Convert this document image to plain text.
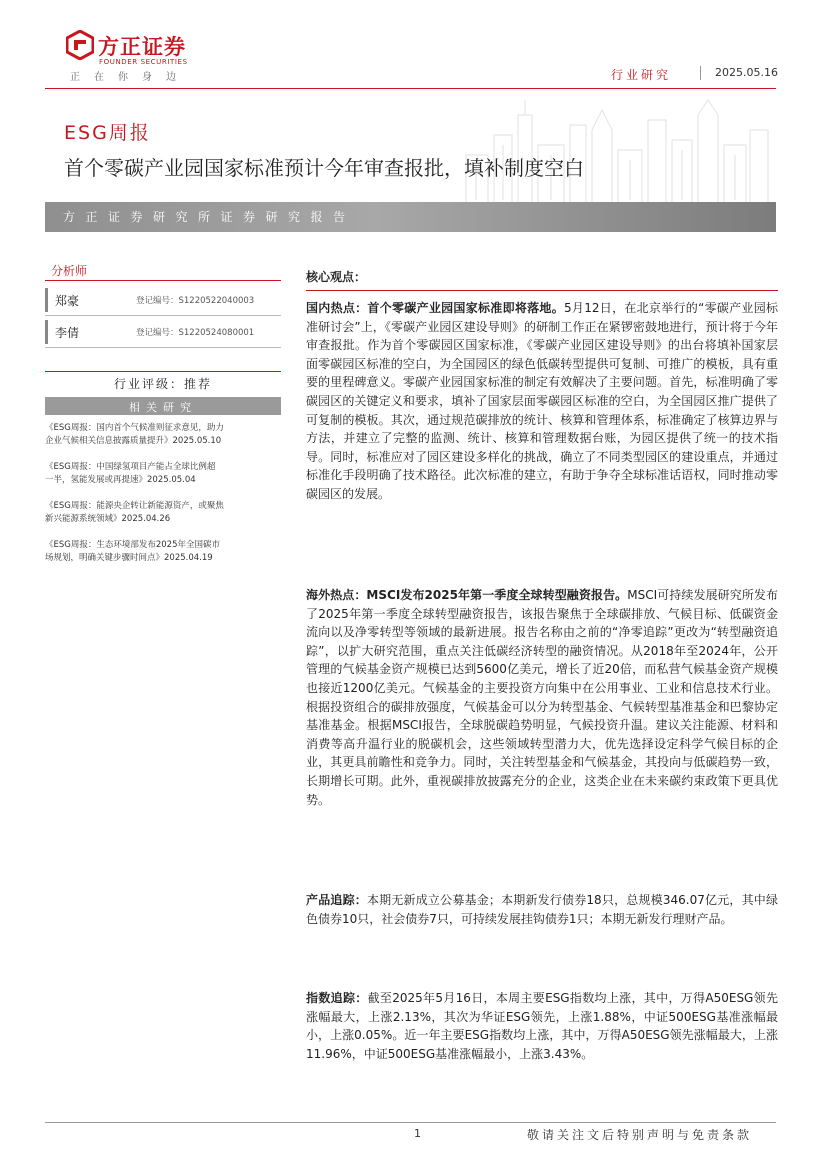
方正证券
FOUNDER SECURITIES
正在你身边	行业研究	2025.05.16
ESG周报
首个零碳产业园国家标准预计今年审查报批，填补制度空白
方正证券研究所证券研究报告
分析师
郑豪	登记编号：S1220522040003
李倩	登记编号：S1220524080001
行业评级：推荐
相关研究
《ESG周报：国内首个气候准则征求意见，助力
企业气候相关信息披露质量提升》2025.05.10
《ESG周报：中国绿氢项目产能占全球比例超
一半，氢能发展或再提速》2025.05.04
《ESG周报：能源央企转让新能源资产，或聚焦
新兴能源系统领域》2025.04.26
《ESG周报：生态环境部发布2025年全国碳市
场规划，明确关键步骤时间点》2025.04.19
核心观点：

国内热点：首个零碳产业园国家标准即将落地。5月12日，在北京举行的“零碳产业园标准研讨会”上，《零碳产业园区建设导则》的研制工作正在紧锣密鼓地进行，预计将于今年审查报批。作为首个零碳园区国家标准，《零碳产业园区建设导则》的出台将填补国家层面零碳园区标准的空白，为全国园区的绿色低碳转型提供可复制、可推广的模板，具有重要的里程碑意义。零碳产业园国家标准的制定有效解决了主要问题。首先，标准明确了零碳园区的关键定义和要求，填补了国家层面零碳园区标准的空白，为全国园区推广提供了可复制的模板。其次，通过规范碳排放的统计、核算和管理体系，标准确定了核算边界与方法，并建立了完整的监测、统计、核算和管理数据台账，为园区提供了统一的技术指导。同时，标准应对了园区建设多样化的挑战，确立了不同类型园区的建设重点，并通过标准化手段明确了技术路径。此次标准的建立，有助于争夺全球标准话语权，同时推动零碳园区的发展。

海外热点：MSCI发布2025年第一季度全球转型融资报告。MSCI可持续发展研究所发布了2025年第一季度全球转型融资报告，该报告聚焦于全球碳排放、气候目标、低碳资金流向以及净零转型等领域的最新进展。报告名称由之前的“净零追踪”更改为“转型融资追踪”，以扩大研究范围，重点关注低碳经济转型的融资情况。从2018年至2024年，公开管理的气候基金资产规模已达到5600亿美元，增长了近20倍，而私营气候基金资产规模也接近1200亿美元。气候基金的主要投资方向集中在公用事业、工业和信息技术行业。根据投资组合的碳排放强度，气候基金可以分为转型基金、气候转型基准基金和巴黎协定基准基金。根据MSCI报告，全球脱碳趋势明显，气候投资升温。建议关注能源、材料和消费等高升温行业的脱碳机会，这些领域转型潜力大，优先选择设定科学气候目标的企业，其更具前瞻性和竞争力。同时，关注转型基金和气候基金，其投向与低碳趋势一致，长期增长可期。此外，重视碳排放披露充分的企业，这类企业在未来碳约束政策下更具优势。

产品追踪：本期无新成立公募基金；本期新发行债券18只，总规模346.07亿元，其中绿色债券10只，社会债券7只，可持续发展挂钩债券1只；本期无新发行理财产品。

指数追踪：截至2025年5月16日，本周主要ESG指数均上涨，其中，万得A50ESG领先涨幅最大，上涨2.13%，其次为华证ESG领先，上涨1.88%，中证500ESG基准涨幅最小，上涨0.05%。近一年主要ESG指数均上涨，其中，万得A50ESG领先涨幅最大，上涨11.96%，中证500ESG基准涨幅最小，上涨3.43%。

1	敬请关注文后特别声明与免责条款
